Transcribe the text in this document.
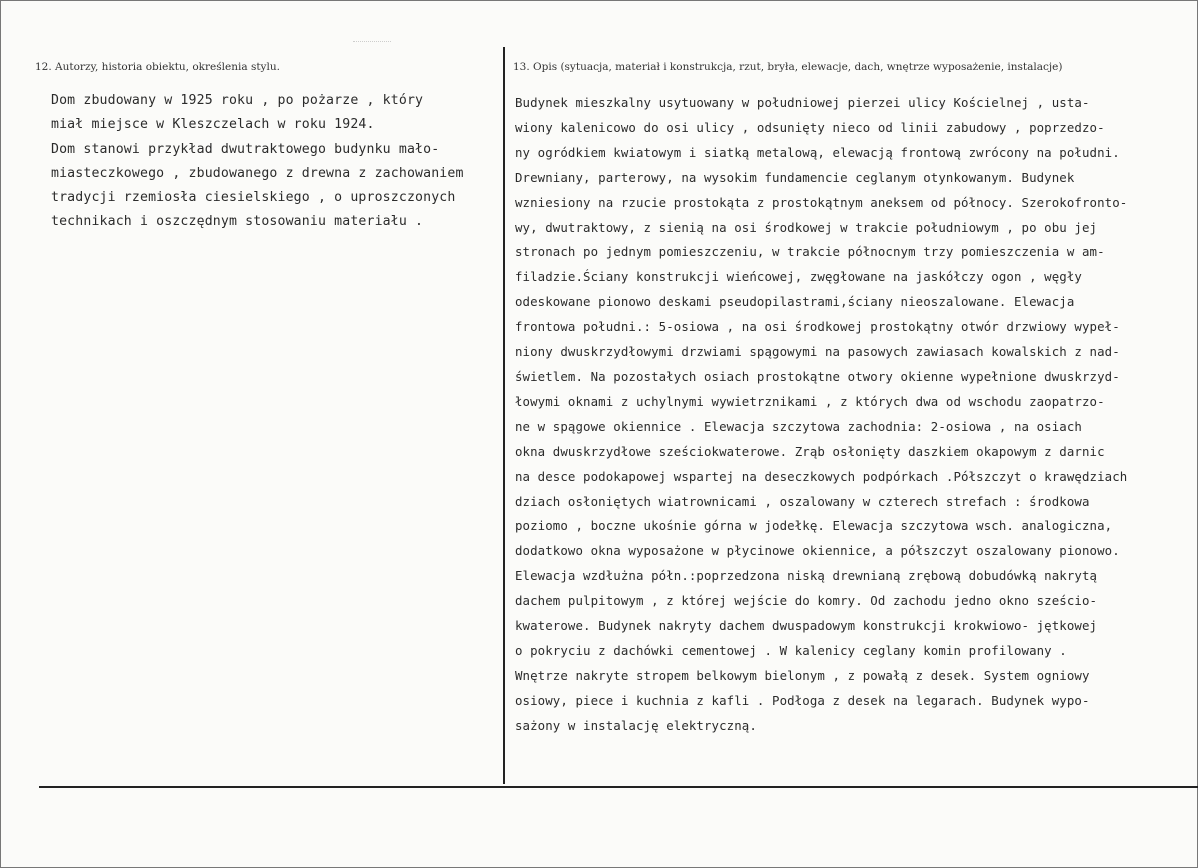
12. Autorzy, historia obiektu, określenia stylu.	13. Opis (sytuacja, materiał i konstrukcja, rzut, bryła, elewacje, dach, wnętrze wyposażenie, instalacje)
Dom zbudowany w 1925 roku , po pożarze , który
miał miejsce w Kleszczelach w roku 1924.
Dom stanowi przykład dwutraktowego budynku mało-
miasteczkowego , zbudowanego z drewna z zachowaniem
tradycji rzemiosła ciesielskiego , o uproszczonych
technikach i oszczędnym stosowaniu materiału .
Budynek mieszkalny usytuowany w południowej pierzei ulicy Kościelnej , usta-
wiony kalenicowo do osi ulicy , odsunięty nieco od linii zabudowy , poprzedzo-
ny ogródkiem kwiatowym i siatką metalową, elewacją frontową zwrócony na południ.
Drewniany, parterowy, na wysokim fundamencie ceglanym otynkowanym. Budynek
wzniesiony na rzucie prostokąta z prostokątnym aneksem od północy. Szerokofronto-
wy, dwutraktowy, z sienią na osi środkowej w trakcie południowym , po obu jej
stronach po jednym pomieszczeniu, w trakcie północnym trzy pomieszczenia w am-
filadzie.Ściany konstrukcji wieńcowej, zwęgłowane na jaskółczy ogon , węgły
odeskowane pionowo deskami pseudopilastrami,ściany nieoszalowane. Elewacja
frontowa południ.: 5-osiowa , na osi środkowej prostokątny otwór drzwiowy wypeł-
niony dwuskrzydłowymi drzwiami spągowymi na pasowych zawiasach kowalskich z nad-
świetlem. Na pozostałych osiach prostokątne otwory okienne wypełnione dwuskrzyd-
łowymi oknami z uchylnymi wywietrznikami , z których dwa od wschodu zaopatrzo-
ne w spągowe okiennice . Elewacja szczytowa zachodnia: 2-osiowa , na osiach
okna dwuskrzydłowe sześciokwaterowe. Zrąb osłonięty daszkiem okapowym z darnic
na desce podokapowej wspartej na deseczkowych podpórkach .Półszczyt o krawędziach
dziach osłoniętych wiatrownicami , oszalowany w czterech strefach : środkowa
poziomo , boczne ukośnie górna w jodełkę. Elewacja szczytowa wsch. analogiczna,
dodatkowo okna wyposażone w płycinowe okiennice, a półszczyt oszalowany pionowo.
Elewacja wzdłużna półn.:poprzedzona niską drewnianą zrębową dobudówką nakrytą
dachem pulpitowym , z której wejście do komry. Od zachodu jedno okno sześcio-
kwaterowe. Budynek nakryty dachem dwuspadowym konstrukcji krokwiowo- jętkowej
o pokryciu z dachówki cementowej . W kalenicy ceglany komin profilowany .
Wnętrze nakryte stropem belkowym bielonym , z powałą z desek. System ogniowy
osiowy, piece i kuchnia z kafli . Podłoga z desek na legarach. Budynek wypo-
sażony w instalację elektryczną.
